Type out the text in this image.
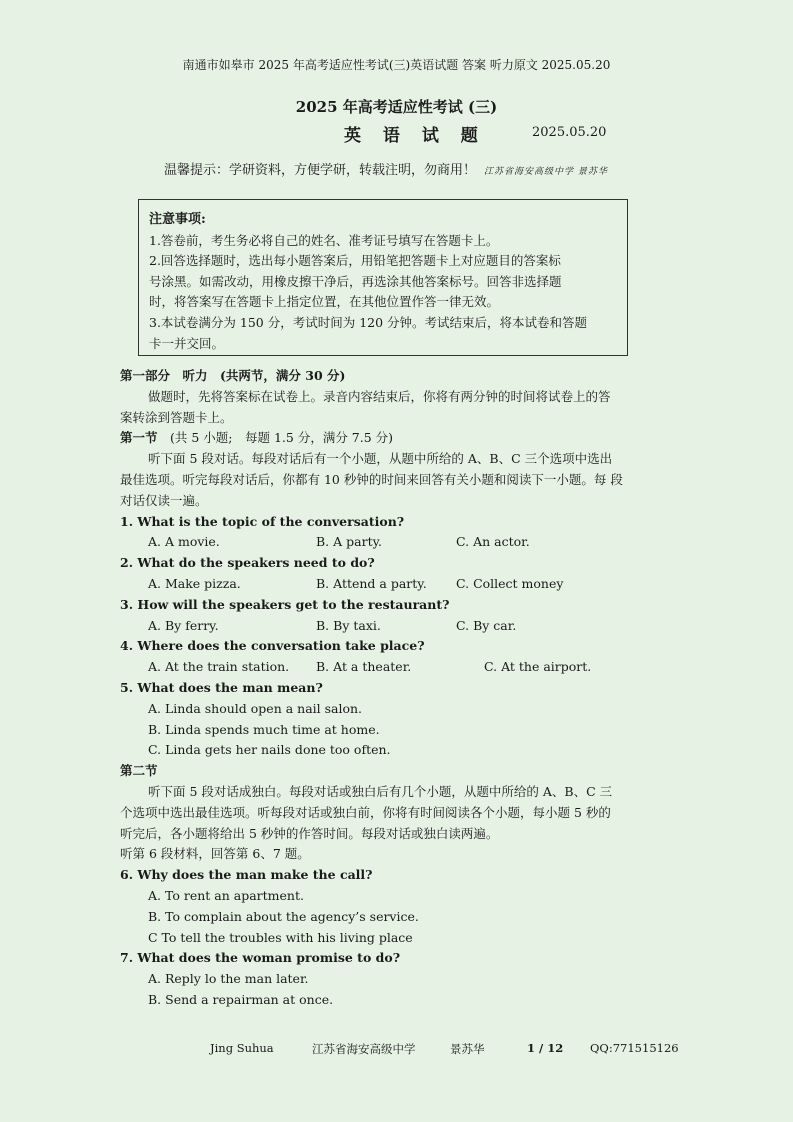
南通市如皋市 2025 年高考适应性考试(三)英语试题 答案 听力原文 2025.05.20
2025 年高考适应性考试 (三)
英 语 试 题	2025.05.20
温馨提示：学研资料，方便学研，转载注明，勿商用！ 江苏省海安高级中学 景苏华

注意事项:

1.答卷前，考生务必将自己的姓名、准考证号填写在答题卡上。

2.回答选择题时，选出每小题答案后，用铅笔把答题卡上对应题目的答案标

号涂黑。如需改动，用橡皮擦干净后，再选涂其他答案标号。回答非选择题

时，将答案写在答题卡上指定位置，在其他位置作答一律无效。

3.本试卷满分为 150 分，考试时间为 120 分钟。考试结束后，将本试卷和答题

卡一并交回。

第一部分　听力　(共两节，满分 30 分)

做题时，先将答案标在试卷上。录音内容结束后，你将有两分钟的时间将试卷上的答

案转涂到答题卡上。

第一节　(共 5 小题;　每题 1.5 分，满分 7.5 分)

听下面 5 段对话。每段对话后有一个小题，从题中所给的 A、B、C 三个选项中选出

最佳选项。听完每段对话后，你都有 10 秒钟的时间来回答有关小题和阅读下一小题。每 段

对话仅读一遍。

1. What is the topic of the conversation?

A. A movie.	B. A party.	C. An actor.

2. What do the speakers need to do?

A. Make pizza.	B. Attend a party.	C. Collect money

3. How will the speakers get to the restaurant?

A. By ferry.	B. By taxi.	C. By car.

4. Where does the conversation take place?

A. At the train station.	B. At a theater.	C. At the airport.

5. What does the man mean?

A. Linda should open a nail salon.

B. Linda spends much time at home.

C. Linda gets her nails done too often.

第二节

听下面 5 段对话成独白。每段对话或独白后有几个小题，从题中所给的 A、B、C 三

个选项中选出最佳选项。听每段对话或独白前，你将有时间阅读各个小题，每小题 5 秒的

听完后，各小题将给出 5 秒钟的作答时间。每段对话或独白读两遍。

听第 6 段材料，回答第 6、7 题。

6. Why does the man make the call?

A. To rent an apartment.

B. To complain about the agency’s service.

C To tell the troubles with his living place

7. What does the woman promise to do?

A. Reply lo the man later.

B. Send a repairman at once.

Jing Suhua	江苏省海安高级中学	景苏华	1 / 12 QQ:771515126
